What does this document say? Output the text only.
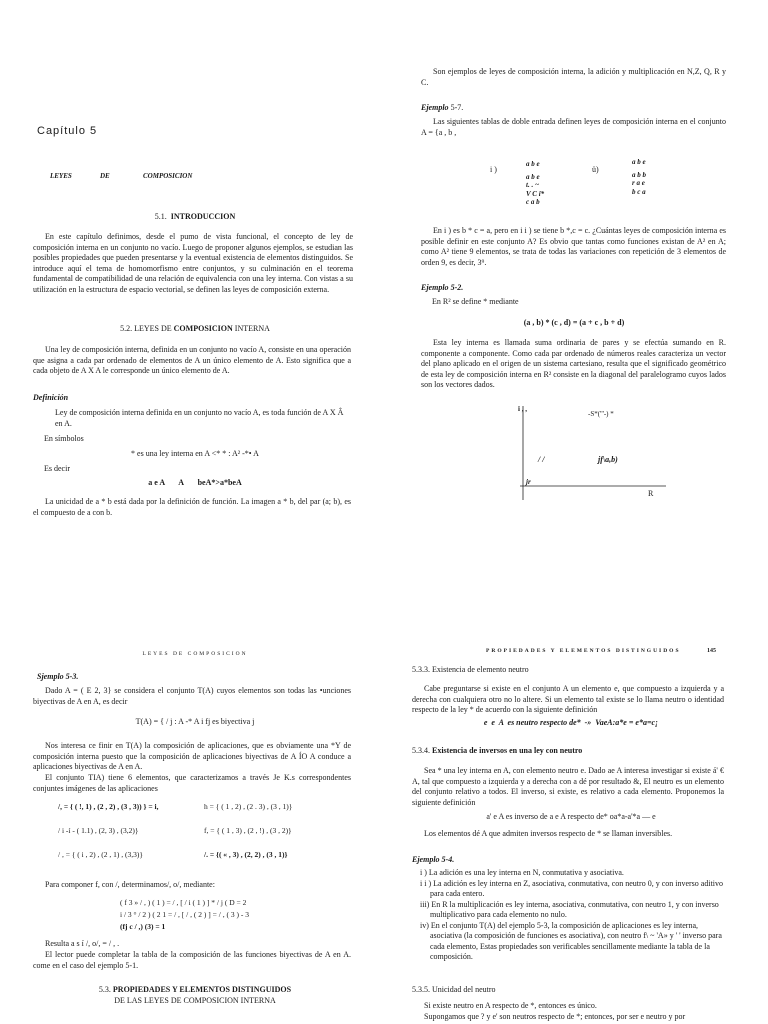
Capítulo 5
LEYES	DE	COMPOSICION
5.1. INTRODUCCION

En este capítulo definimos, desde el pumo de vista funcional, el concepto de ley de composición interna en un conjunto no vacío. Luego de proponer algunos ejemplos, se estudian las posibles propiedades que pueden presentarse y la eventual existencia de elementos distinguidos. Se introduce aquí el tema de homomorfismo entre conjuntos, y su culminación en el teorema fundamental de compatibilidad de una relación de equivalencia con una ley interna. Con vistas a su utilización en la estructura de espacio vectorial, se definen las leyes de composición externa.

5.2. LEYES DE COMPOSICION INTERNA

Una ley de composición interna, definida en un conjunto no vacío A, consiste en una operación que asigna a cada par ordenado de elementos de A un único elemento de A. Esto significa que a cada objeto de A X A le corresponde un único elemento de A.

Definición

Ley de composición interna definida en un conjunto no vacío A, es toda función de A X Â en A.

En símbolos
* es una ley interna en A <* * : A² -*• A
Es decir
a e A       A       beA*>a*beA

La unicidad de a * b está dada por la definición de función. La imagen a * b, del par (a; b), es el compuesto de a con b.

Son ejemplos de leyes de composición interna, la adición y multiplicación en N,Z, Q, R y C.

Ejemplo 5-7.

Las siguientes tablas de doble entrada definen leyes de composición interna en el conjunto A = {a , b ,

i )
a b e
a b e
t. . ~
V C i*
c a b
ü)
a b e
a b b
r a e
b c a

En i ) es b * c = a, pero en i i ) se tiene b *,c = c. ¿Cuántas leyes de composición interna es posible definir en este conjunto A? Es obvio que tantas como funciones existan de A² en A; como A² tiene 9 elementos, se trata de todas las variaciones con repetición de 3 elementos de orden 9, es decir, 3⁹.

Ejemplo 5-2.
En R² se define * mediante
(a , b) * (c , d) = (a + c , b + d)

Esta ley interna es llamada suma ordinaria de pares y se efectúa sumando en R. componente a componente. Como cada par ordenado de números reales caracteriza un vector del plano aplicado en el origen de un sistema cartesiano, resulta que el significado geométrico de esta ley de composición interna en R² consiste en la diagonal del paralelogramo cuyos lados son los vectores dados.

i , ,
-S*('''-) *
/ /	jf\a,b)
jr
R
LEYES DE COMPOSICION
Sjemplo 5-3.

Dado A = ( E 2, 3} se considera el conjunto T(A) cuyos elementos son todas las •unciones biyectivas de A en A, es decir

T(A) = { / j : A -* A i fj es biyectiva j

Nos interesa ce finir en T(A) la composición de aplicaciones, que es obviamente una *Y de composición interna puesto que la composición de aplicaciones biyectivas de A ÍO A conduce a aplicaciones biyectivas de A en A.

El conjunto TIA) tiene 6 elementos, que caracterizamos a través Je K.s correspondentes conjuntes imágenes de las aplicaciones

/, = { ( !, 1) , (2 , 2) , (3 , 3)) } = i,	h = { ( 1 , 2) , (2 . 3) , (3 , 1)}
/ i -í - ( 1.1) , (2, 3) , (3,2)}	f, = { ( 1 , 3) , (2 , !) , (3 , 2)}
/ , = { ( i , 2) , (2 , 1) , (3,3)}	/. = {( « , 3) , (2, 2) , (3 , 1)}
Para componer f, con /, determinamos/, o/, mediante:
( f 3 » / , ) ( 1 ) = / , [ / i ( 1 ) ] * / j ( D = 2
i / 3 ° / 2 ) ( 2 1 = / , [ / , ( 2 ) ] = / , ( 3 ) - 3
(fj c / ,) (3) = 1
Resulta a s í /, o/, = / , .

El lector puede completar la tabla de la composición de las funciones biyectivas de A en A. come en el caso del ejemplo 5-1.

5.3. PROPIEDADES Y ELEMENTOS DISTINGUIDOS
DE LAS LEYES DE COMPOSICION INTERNA
PROPIEDADES Y ELEMENTOS DISTINGUIDOS	145
5.3.3. Existencia de elemento neutro

Cabe preguntarse si existe en el conjunto A un elemento e, que compuesto a izquierda y a derecha con cualquiera otro no lo altere. Si un elemento tal existe se lo llama neutro o identidad respecto de la ley * de acuerdo con la siguiente definición

e  e  A  es neutro respecto de*  -»  VaeA:a*e = e*a=c¡
5.3.4. Existencia de inversos en una ley con neutro

Sea * una ley interna en A, con elemento neutro e. Dado ae A interesa investigar si existe á' € A, tal que compuesto a izquierda y a derecha con a dé por resultado &, El neutro es un elemento del conjunto relativo a todos. El inverso, si existe, es relativo a cada elemento. Proponemos la siguiente definición

a' e A es inverso de a e A respecto de* oa*a-a'*a — e

Los elementos dé A que admiten inversos respecto de * se llaman inversibles.

Ejemplo 5-4.

i ) La adición es una ley interna en N, conmutativa y asociativa.

i i ) La adición es ley interna en Z, asociativa, conmutativa, con neutro 0, y con inverso aditivo para cada entero.

iii) En R la multiplicación es ley interna, asociativa, conmutativa, con neutro 1, y con inverso multiplicativo para cada elemento no nulo.

iv) En el conjunto T(A) del ejemplo 5-3, la composición de aplicaciones es ley interna, asociativa (la composición de funciones es asociativa), con neutro f\ ~ 'A» y ' ' inverso para cada elemento, Estas propiedades son verificables sencillamente mediante la tabla de la composición.

5.3.5. Unicidad del neutro

Si existe neutro en A respecto de *, entonces es único.

Supongamos que ? y e' son neutros respecto de *; entonces, por ser e neutro y por
